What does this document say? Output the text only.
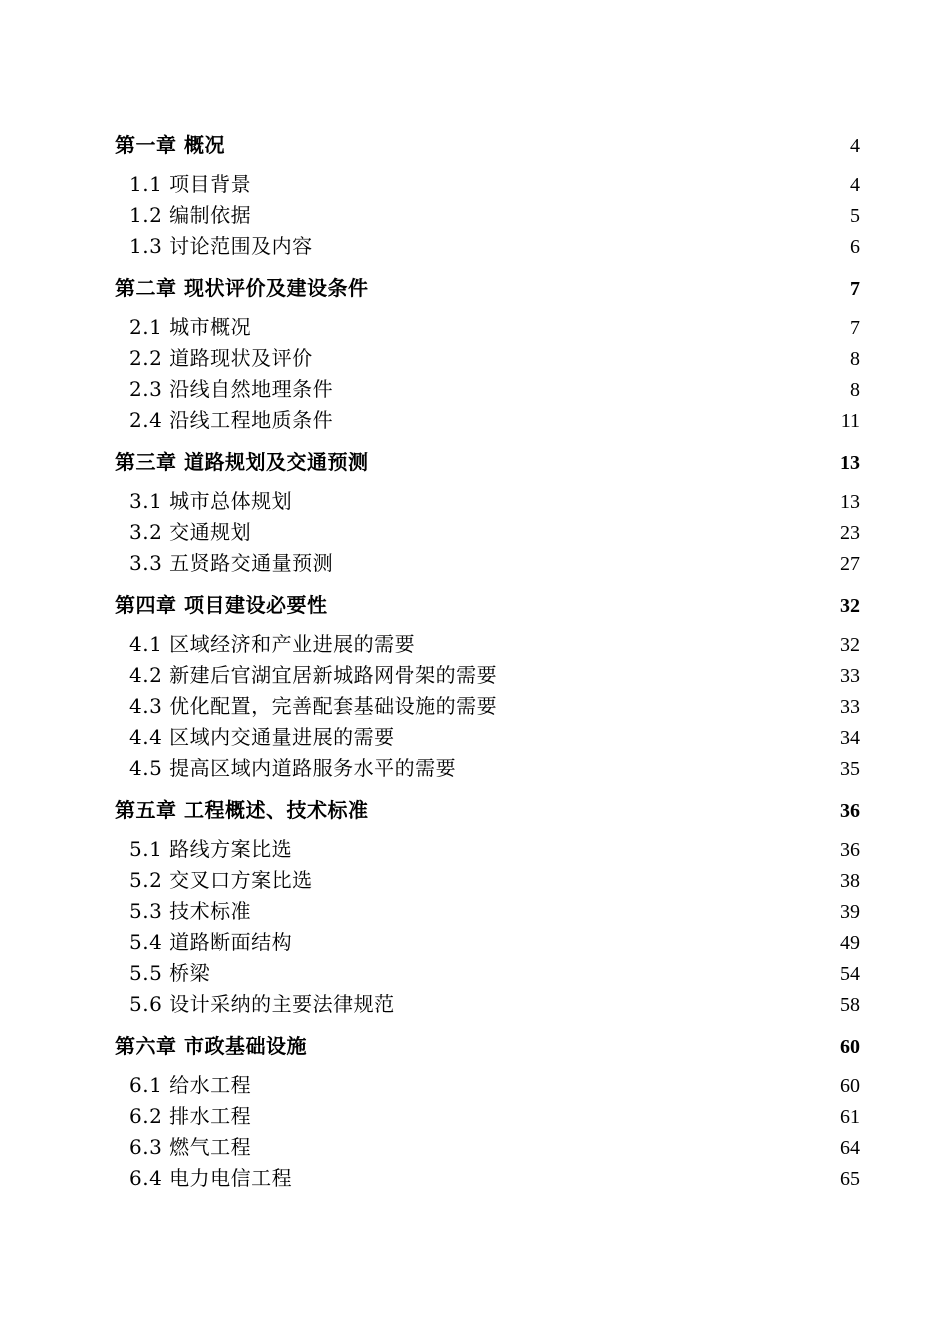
第一章 概况	4
1.1 项目背景	4
1.2 编制依据	5
1.3 讨论范围及内容	6
第二章 现状评价及建设条件	7
2.1 城市概况	7
2.2 道路现状及评价	8
2.3 沿线自然地理条件	8
2.4 沿线工程地质条件	11
第三章 道路规划及交通预测	13
3.1 城市总体规划	13
3.2 交通规划	23
3.3 五贤路交通量预测	27
第四章 项目建设必要性	32
4.1 区域经济和产业进展的需要	32
4.2 新建后官湖宜居新城路网骨架的需要	33
4.3 优化配置，完善配套基础设施的需要	33
4.4 区域内交通量进展的需要	34
4.5 提高区域内道路服务水平的需要	35
第五章 工程概述、技术标准	36
5.1 路线方案比选	36
5.2 交叉口方案比选	38
5.3 技术标准	39
5.4 道路断面结构	49
5.5 桥梁	54
5.6 设计采纳的主要法律规范	58
第六章 市政基础设施	60
6.1 给水工程	60
6.2 排水工程	61
6.3 燃气工程	64
6.4 电力电信工程	65
